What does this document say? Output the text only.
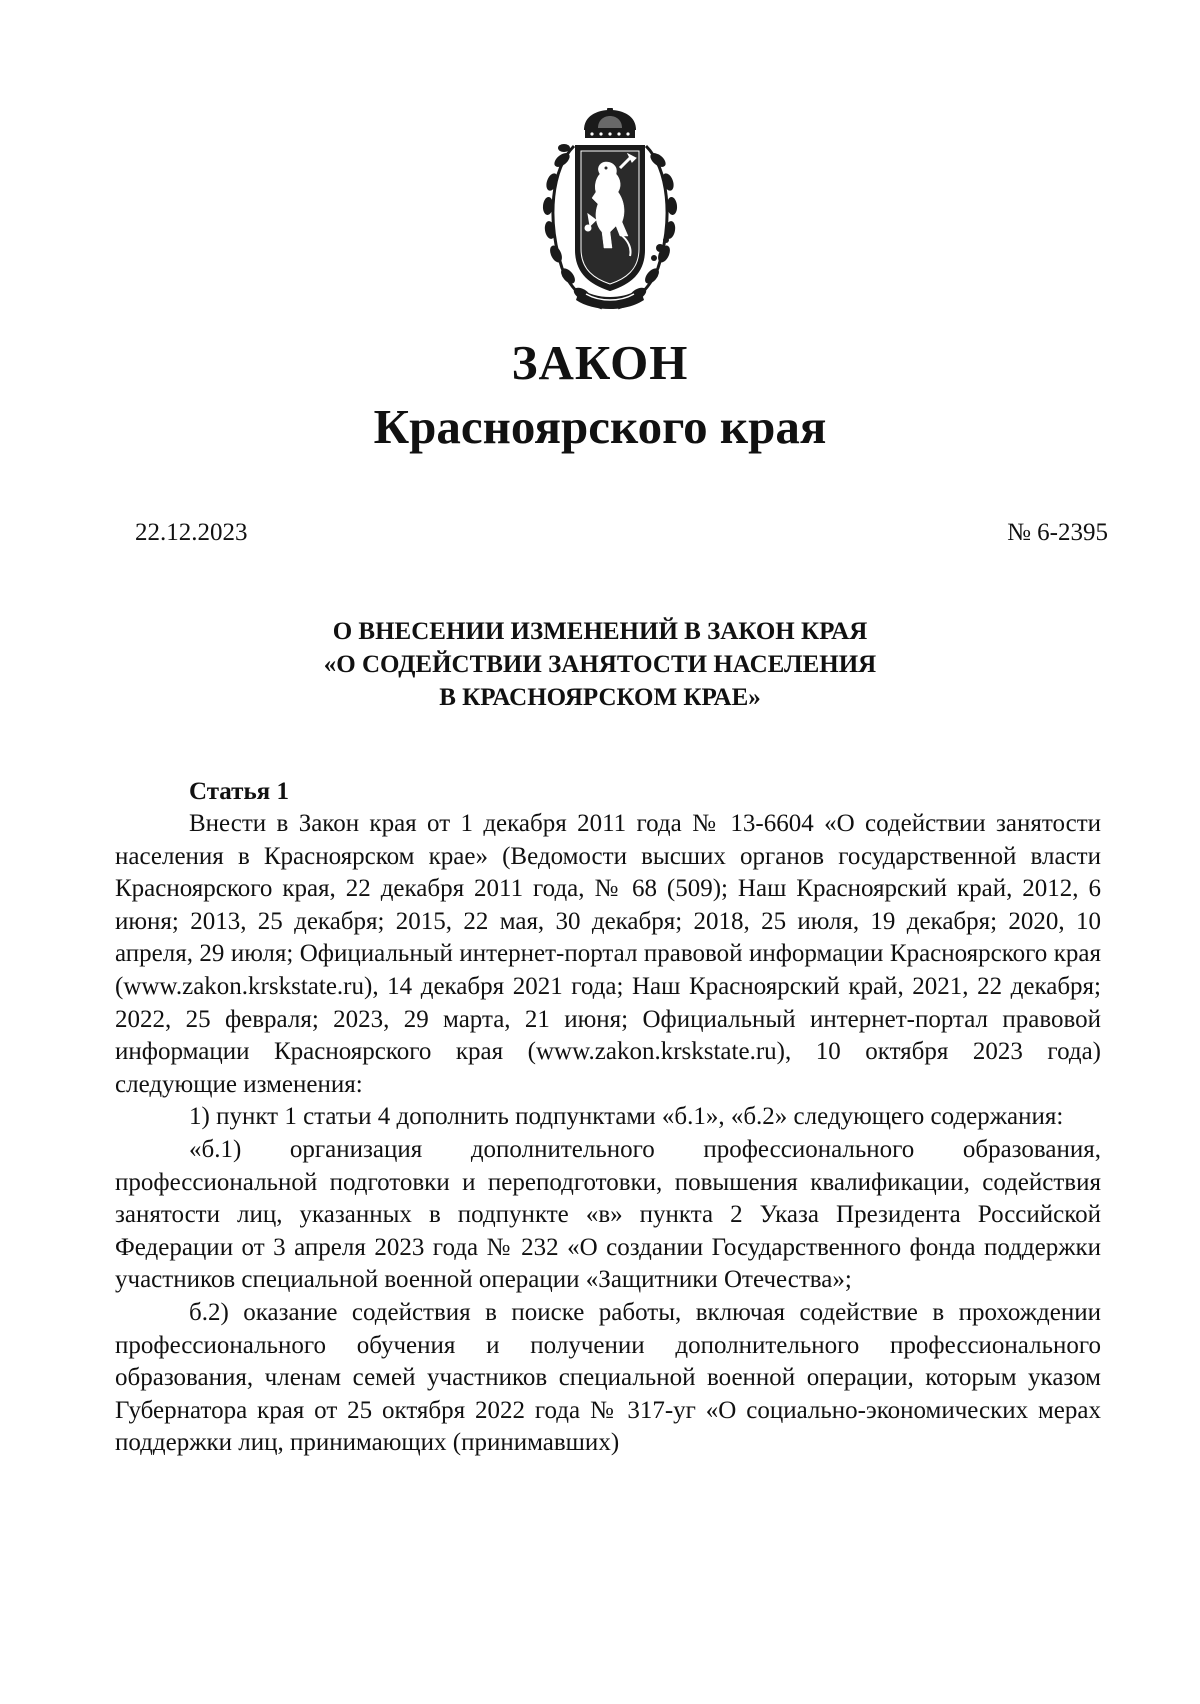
ЗАКОН
Красноярского края
22.12.2023	№ 6-2395
О ВНЕСЕНИИ ИЗМЕНЕНИЙ В ЗАКОН КРАЯ
«О СОДЕЙСТВИИ ЗАНЯТОСТИ НАСЕЛЕНИЯ
В КРАСНОЯРСКОМ КРАЕ»
Статья 1

Внести в Закон края от 1 декабря 2011 года № 13-6604 «О содействии занятости населения в Красноярском крае» (Ведомости высших органов государственной власти Красноярского края, 22 декабря 2011 года, № 68 (509); Наш Красноярский край, 2012, 6 июня; 2013, 25 декабря; 2015, 22 мая, 30 декабря; 2018, 25 июля, 19 декабря; 2020, 10 апреля, 29 июля; Официальный интернет-портал правовой информации Красноярского края (www.zakon.krskstate.ru), 14 декабря 2021 года; Наш Красноярский край, 2021, 22 декабря; 2022, 25 февраля; 2023, 29 марта, 21 июня; Официальный интернет-портал правовой информации Красноярского края (www.zakon.krskstate.ru), 10 октября 2023 года) следующие изменения:

1) пункт 1 статьи 4 дополнить подпунктами «б.1», «б.2» следующего содержания:

«б.1) организация дополнительного профессионального образования, профессиональной подготовки и переподготовки, повышения квалификации, содействия занятости лиц, указанных в подпункте «в» пункта 2 Указа Президента Российской Федерации от 3 апреля 2023 года № 232 «О создании Государственного фонда поддержки участников специальной военной операции «Защитники Отечества»;

б.2) оказание содействия в поиске работы, включая содействие в прохождении профессионального обучения и получении дополнительного профессионального образования, членам семей участников специальной военной операции, которым указом Губернатора края от 25 октября 2022 года № 317-уг «О социально-экономических мерах поддержки лиц, принимающих (принимавших)
